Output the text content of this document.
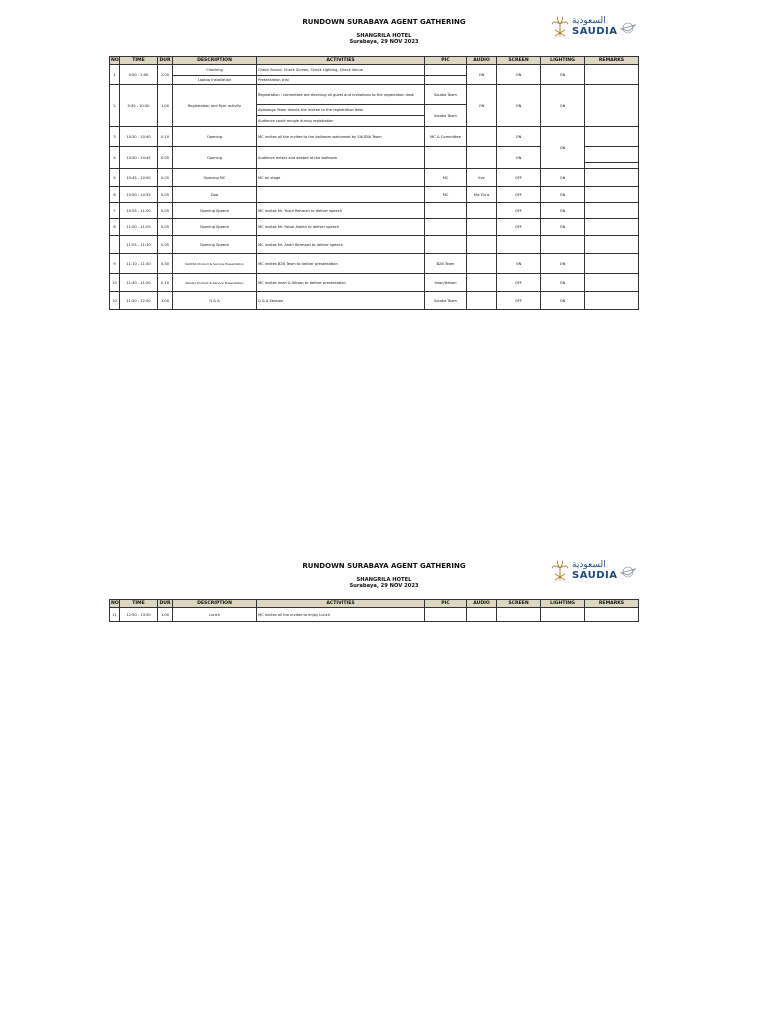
RUNDOWN SURABAYA AGENT GATHERING
SHANGRILA HOTEL
Surabaya, 29 NOV 2023
السعودية
SAUDIA
NO	TIME	DUR	DESCRIPTION	ACTIVITIES	PIC	AUDIO	SCREEN	LIGHTING	REMARKS
1	0:00 - 2:00	2.00	Checking	Check Sound, Check Screen, Check Lighting, Check Venue		ON	ON	ON	
			Laptop Installation	Presentation trial					
2	9:30 - 10:30	1.00	Registration and flyer activity	Registration : committee are directing all guest and invitations to the registration desk	Saudia Team	ON	ON	ON	
				Ayabonga Team directs the invitee to the registration desk	Saudia Team				
				Audience could mingle during registration					
3	10:30 - 10:40	0.10	Opening	MC invites all the invitee to the ballroom welcomed by SAUDIA Team	MC & Committee		ON	ON	
4	10:40 - 10:45	0.05	Opening	Audience enters and seated at the ballroom			ON		

5	10:45 - 10:50	0.05	Opening MC	MC on stage	MC	live	OFF	ON	
6	10:50 - 10:55	0.05	Doa		MC	Mic Du'a	OFF	ON	
7	10:55 - 11:00	0.05	Opening Speech	MC invites Mr. Yusuf Rahman to deliver speech			OFF	ON	
8	11:00 - 11:05	0.05	Opening Speech	MC invites Mr. Faisal Alafah to deliver speech			OFF	ON	
	11:05 - 11:10	0.05	Opening Speech	MC invites Mr. Andri Bermawi to deliver speech					
9	11:10 - 11:40	0.30	SAUDIA Product & Service Presentation	MC invites B2B Team to deliver presentation	B2B Team		ON	ON	
10	11:40 - 11:50	0.10	Reader Product & Service Presentation	MC invites Iman & Ikhsan to deliver presentation	Iman/Ikhsan		OFF	ON	
10	11:50 - 12:50	1.00	Q & A	Q & A Session	Saudia Team		OFF	ON	
RUNDOWN SURABAYA AGENT GATHERING
SHANGRILA HOTEL
Surabaya, 29 NOV 2023
السعودية
SAUDIA
NO	TIME	DUR	DESCRIPTION	ACTIVITIES	PIC	AUDIO	SCREEN	LIGHTING	REMARKS
11	12:50 - 13:50	1.00	Lunch	MC invites all the invitee to enjoy Lunch					
